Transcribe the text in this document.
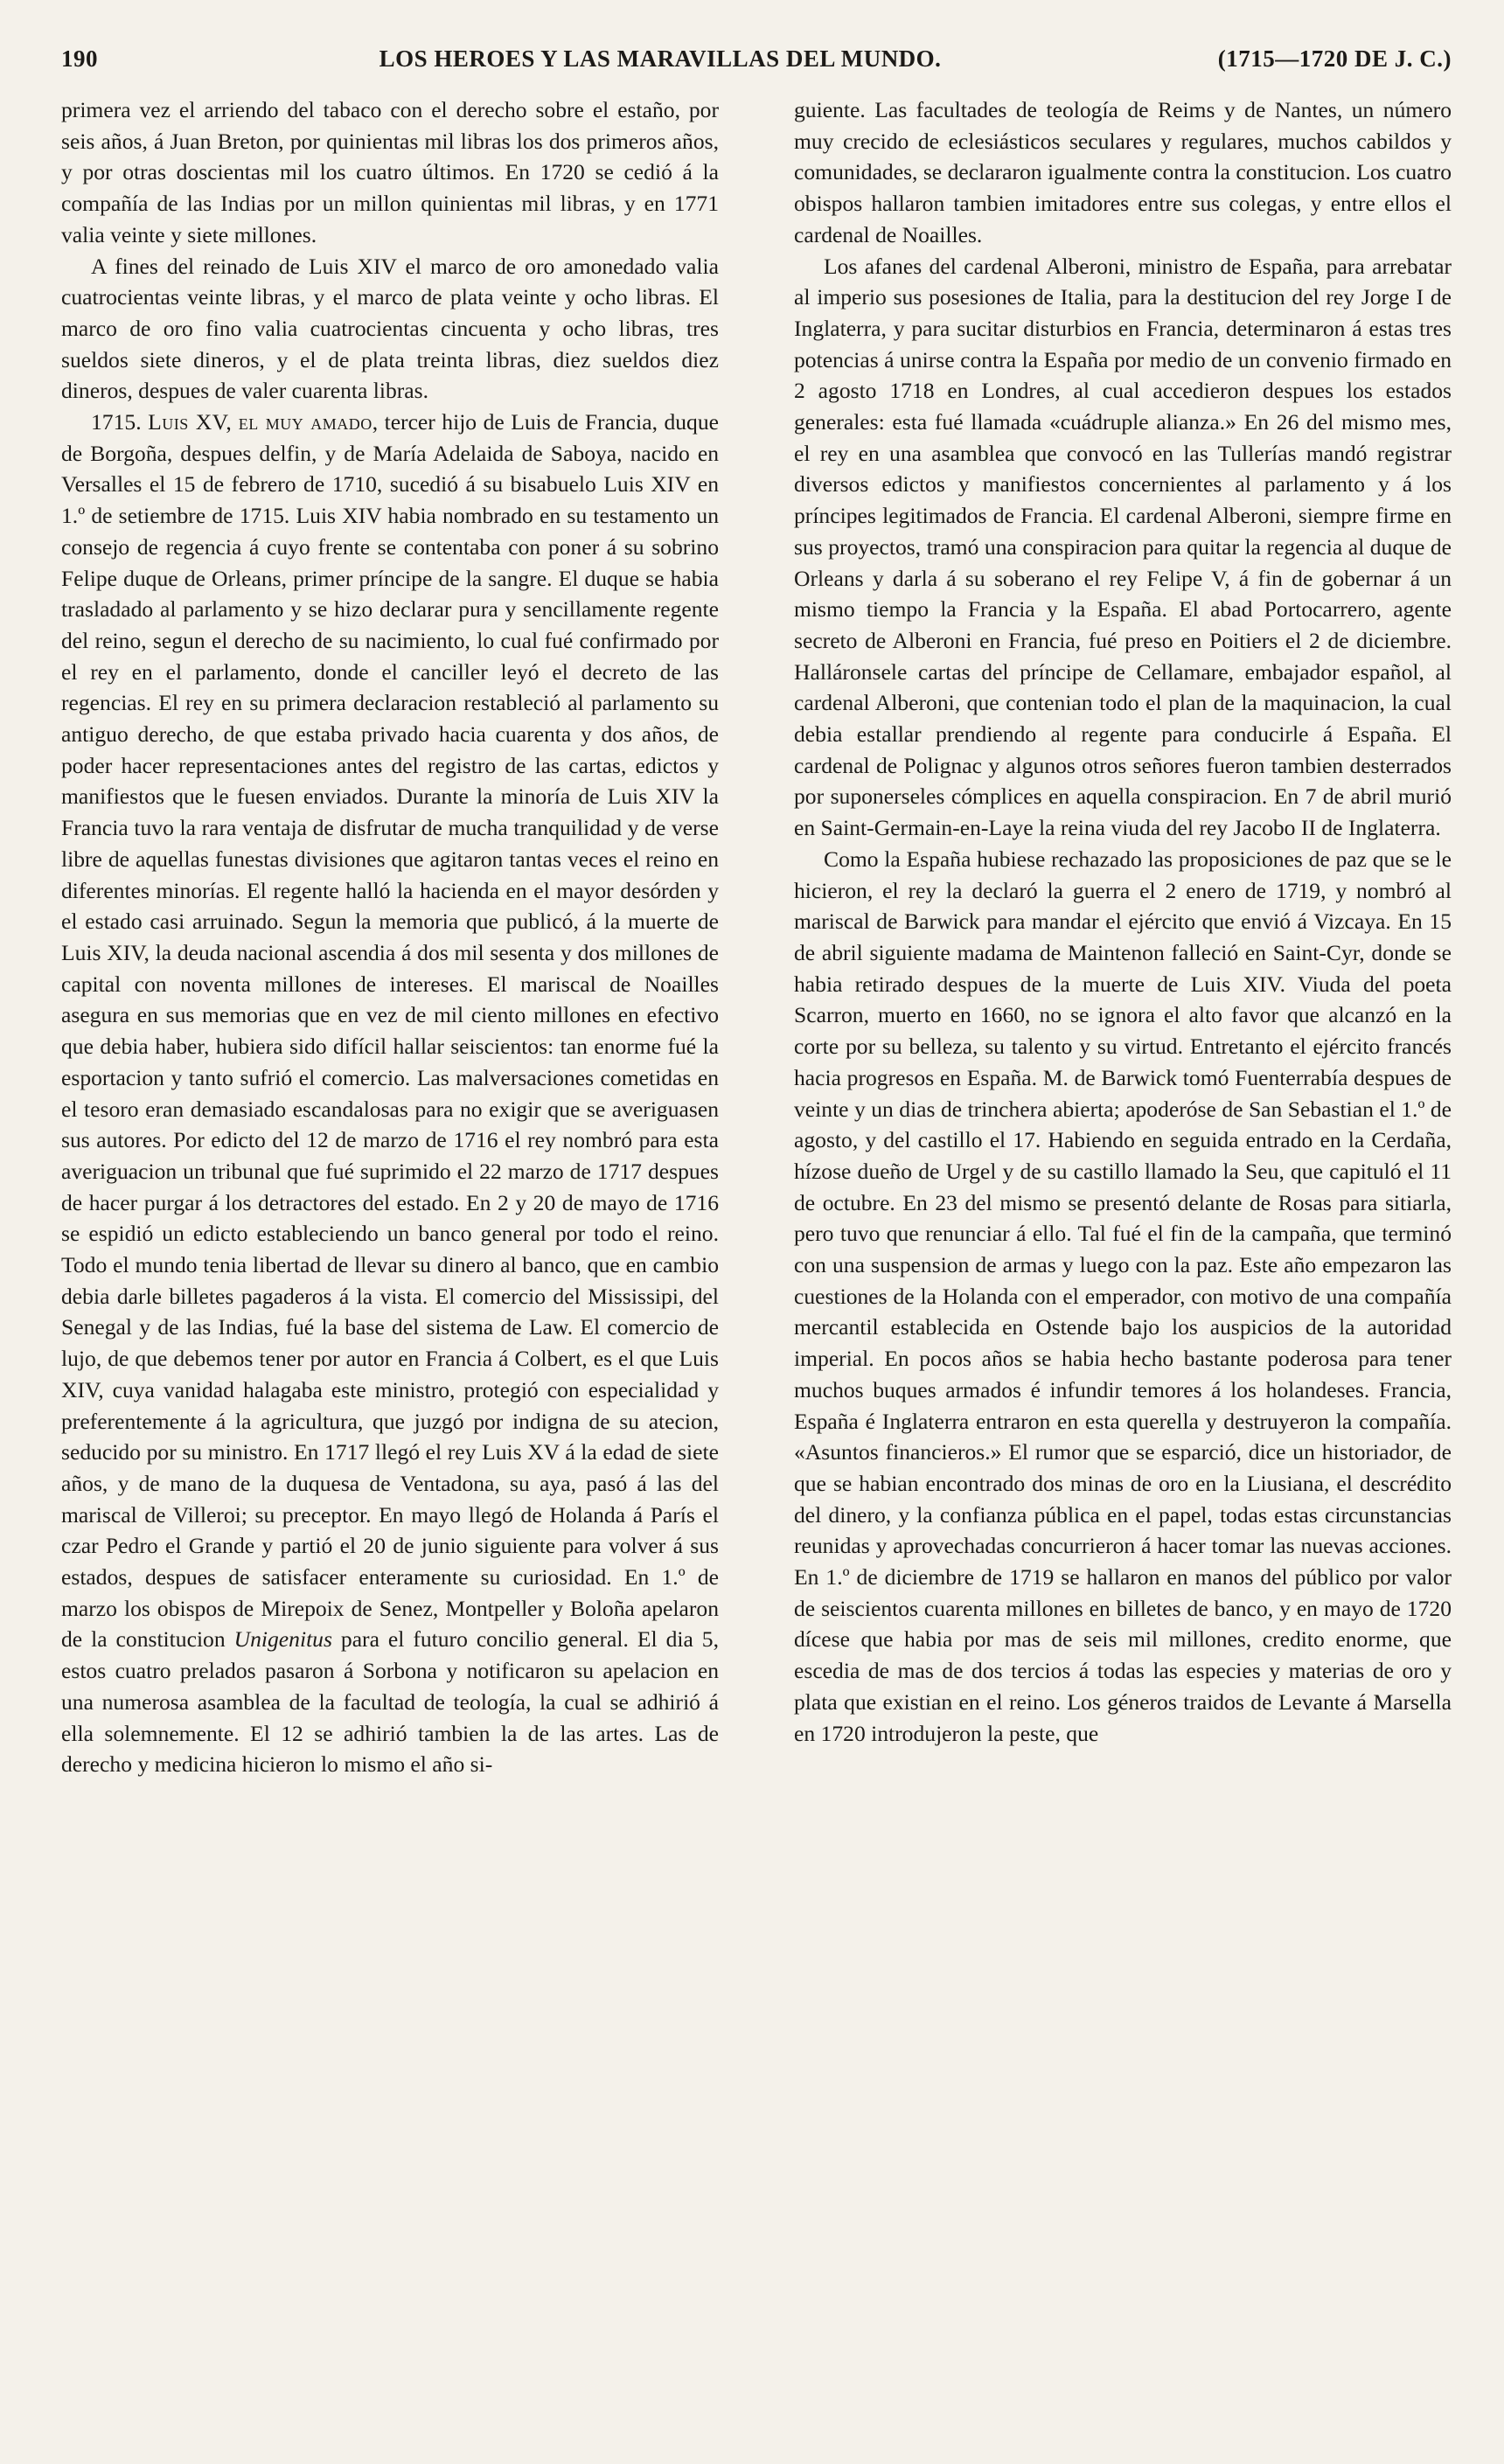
190	LOS HEROES Y LAS MARAVILLAS DEL MUNDO.	(1715—1720 DE J. C.)

primera vez el arriendo del tabaco con el derecho sobre el estaño, por seis años, á Juan Breton, por quinientas mil libras los dos primeros años, y por otras doscientas mil los cuatro últimos. En 1720 se cedió á la compañía de las Indias por un millon quinientas mil libras, y en 1771 valia veinte y siete millones.

A fines del reinado de Luis XIV el marco de oro amonedado valia cuatrocientas veinte libras, y el marco de plata veinte y ocho libras. El marco de oro fino valia cuatrocientas cincuenta y ocho libras, tres sueldos siete dineros, y el de plata treinta libras, diez sueldos diez dineros, despues de valer cuarenta libras.

1715. Luis XV, el muy amado, tercer hijo de Luis de Francia, duque de Borgoña, despues delfin, y de María Adelaida de Saboya, nacido en Versalles el 15 de febrero de 1710, sucedió á su bisabuelo Luis XIV en 1.º de setiembre de 1715. Luis XIV habia nombrado en su testamento un consejo de regencia á cuyo frente se contentaba con poner á su sobrino Felipe duque de Orleans, primer príncipe de la sangre. El duque se habia trasladado al parlamento y se hizo declarar pura y sencillamente regente del reino, segun el derecho de su nacimiento, lo cual fué confirmado por el rey en el parlamento, donde el canciller leyó el decreto de las regencias. El rey en su primera declaracion restableció al parlamento su antiguo derecho, de que estaba privado hacia cuarenta y dos años, de poder hacer representaciones antes del registro de las cartas, edictos y manifiestos que le fuesen enviados. Durante la minoría de Luis XIV la Francia tuvo la rara ventaja de disfrutar de mucha tranquilidad y de verse libre de aquellas funestas divisiones que agitaron tantas veces el reino en diferentes minorías. El regente halló la hacienda en el mayor desórden y el estado casi arruinado. Segun la memoria que publicó, á la muerte de Luis XIV, la deuda nacional ascendia á dos mil sesenta y dos millones de capital con noventa millones de intereses. El mariscal de Noailles asegura en sus memorias que en vez de mil ciento millones en efectivo que debia haber, hubiera sido difícil hallar seiscientos: tan enorme fué la esportacion y tanto sufrió el comercio. Las malversaciones cometidas en el tesoro eran demasiado escandalosas para no exigir que se averiguasen sus autores. Por edicto del 12 de marzo de 1716 el rey nombró para esta averiguacion un tribunal que fué suprimido el 22 marzo de 1717 despues de hacer purgar á los detractores del estado. En 2 y 20 de mayo de 1716 se espidió un edicto estableciendo un banco general por todo el reino. Todo el mundo tenia libertad de llevar su dinero al banco, que en cambio debia darle billetes pagaderos á la vista. El comercio del Mississipi, del Senegal y de las Indias, fué la base del sistema de Law. El comercio de lujo, de que debemos tener por autor en Francia á Colbert, es el que Luis XIV, cuya vanidad halagaba este ministro, protegió con especialidad y preferentemente á la agricultura, que juzgó por indigna de su atecion, seducido por su ministro. En 1717 llegó el rey Luis XV á la edad de siete años, y de mano de la duquesa de Ventadona, su aya, pasó á las del mariscal de Villeroi; su preceptor. En mayo llegó de Holanda á París el czar Pedro el Grande y partió el 20 de junio siguiente para volver á sus estados, despues de satisfacer enteramente su curiosidad. En 1.º de marzo los obispos de Mirepoix de Senez, Montpeller y Boloña apelaron de la constitucion Unigenitus para el futuro concilio general. El dia 5, estos cuatro prelados pasaron á Sorbona y notificaron su apelacion en una numerosa asamblea de la facultad de teología, la cual se adhirió á ella solemnemente. El 12 se adhirió tambien la de las artes. Las de derecho y medicina hicieron lo mismo el año si-

guiente. Las facultades de teología de Reims y de Nantes, un número muy crecido de eclesiásticos seculares y regulares, muchos cabildos y comunidades, se declararon igualmente contra la constitucion. Los cuatro obispos hallaron tambien imitadores entre sus colegas, y entre ellos el cardenal de Noailles.

Los afanes del cardenal Alberoni, ministro de España, para arrebatar al imperio sus posesiones de Italia, para la destitucion del rey Jorge I de Inglaterra, y para sucitar disturbios en Francia, determinaron á estas tres potencias á unirse contra la España por medio de un convenio firmado en 2 agosto 1718 en Londres, al cual accedieron despues los estados generales: esta fué llamada «cuádruple alianza.» En 26 del mismo mes, el rey en una asamblea que convocó en las Tullerías mandó registrar diversos edictos y manifiestos concernientes al parlamento y á los príncipes legitimados de Francia. El cardenal Alberoni, siempre firme en sus proyectos, tramó una conspiracion para quitar la regencia al duque de Orleans y darla á su soberano el rey Felipe V, á fin de gobernar á un mismo tiempo la Francia y la España. El abad Portocarrero, agente secreto de Alberoni en Francia, fué preso en Poitiers el 2 de diciembre. Halláronsele cartas del príncipe de Cellamare, embajador español, al cardenal Alberoni, que contenian todo el plan de la maquinacion, la cual debia estallar prendiendo al regente para conducirle á España. El cardenal de Polignac y algunos otros señores fueron tambien desterrados por suponerseles cómplices en aquella conspiracion. En 7 de abril murió en Saint-Germain-en-Laye la reina viuda del rey Jacobo II de Inglaterra.

Como la España hubiese rechazado las proposiciones de paz que se le hicieron, el rey la declaró la guerra el 2 enero de 1719, y nombró al mariscal de Barwick para mandar el ejército que envió á Vizcaya. En 15 de abril siguiente madama de Maintenon falleció en Saint-Cyr, donde se habia retirado despues de la muerte de Luis XIV. Viuda del poeta Scarron, muerto en 1660, no se ignora el alto favor que alcanzó en la corte por su belleza, su talento y su virtud. Entretanto el ejército francés hacia progresos en España. M. de Barwick tomó Fuenterrabía despues de veinte y un dias de trinchera abierta; apoderóse de San Sebastian el 1.º de agosto, y del castillo el 17. Habiendo en seguida entrado en la Cerdaña, hízose dueño de Urgel y de su castillo llamado la Seu, que capituló el 11 de octubre. En 23 del mismo se presentó delante de Rosas para sitiarla, pero tuvo que renunciar á ello. Tal fué el fin de la campaña, que terminó con una suspension de armas y luego con la paz. Este año empezaron las cuestiones de la Holanda con el emperador, con motivo de una compañía mercantil establecida en Ostende bajo los auspicios de la autoridad imperial. En pocos años se habia hecho bastante poderosa para tener muchos buques armados é infundir temores á los holandeses. Francia, España é Inglaterra entraron en esta querella y destruyeron la compañía. «Asuntos financieros.» El rumor que se esparció, dice un historiador, de que se habian encontrado dos minas de oro en la Liusiana, el descrédito del dinero, y la confianza pública en el papel, todas estas circunstancias reunidas y aprovechadas concurrieron á hacer tomar las nuevas acciones. En 1.º de diciembre de 1719 se hallaron en manos del público por valor de seiscientos cuarenta millones en billetes de banco, y en mayo de 1720 dícese que habia por mas de seis mil millones, credito enorme, que escedia de mas de dos tercios á todas las especies y materias de oro y plata que existian en el reino. Los géneros traidos de Levante á Marsella en 1720 introdujeron la peste, que
